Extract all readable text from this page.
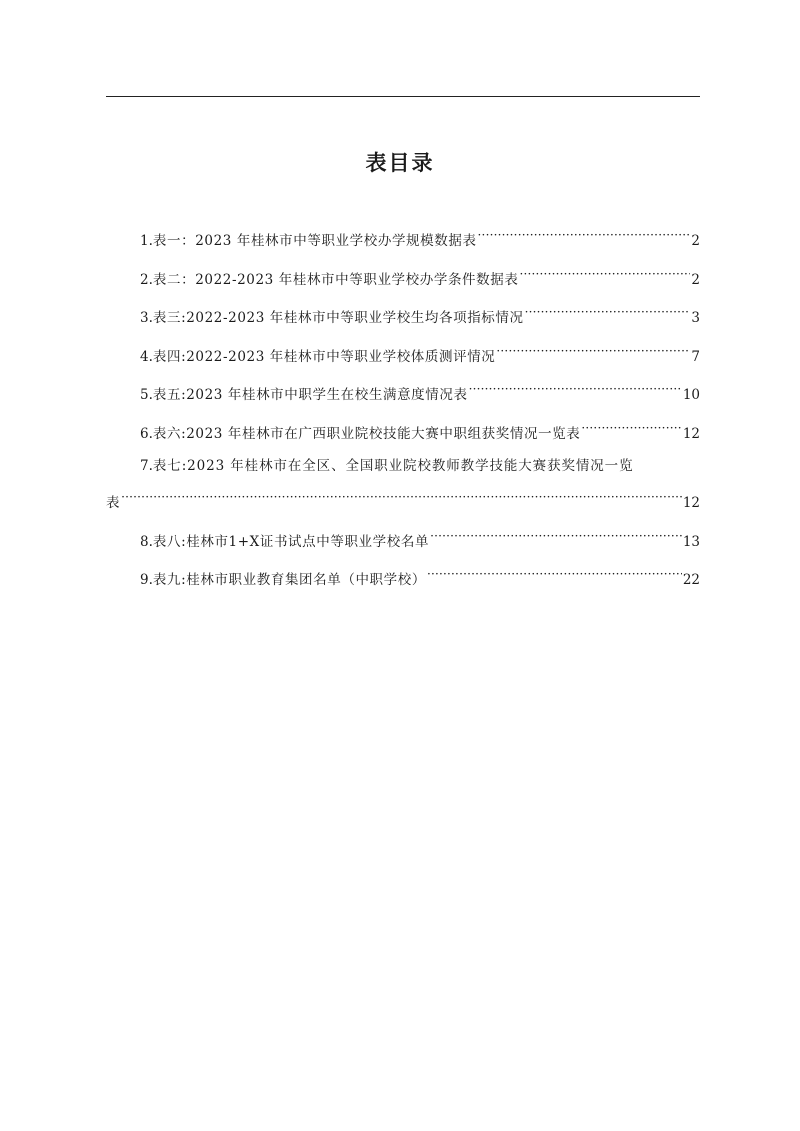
表目录
1. 表一：2023 年桂林市中等职业学校办学规模数据表 ·····	2
2. 表二：2022-2023 年桂林市中等职业学校办学条件数据表 ·····	2
3. 表三:2022-2023 年桂林市中等职业学校生均各项指标情况 ·····	3
4. 表四:2022-2023 年桂林市中等职业学校体质测评情况 ·····	7
5. 表五:2023 年桂林市中职学生在校生满意度情况表 ·····	10
6. 表六:2023 年桂林市在广西职业院校技能大赛中职组获奖情况一览表 ·····	12
7. 表七:2023 年桂林市在全区、全国职业院校教师教学技能大赛获奖情况一览
表 ·····	12
8. 表八:桂林市1+X证书试点中等职业学校名单 ·····	13
9. 表九:桂林市职业教育集团名单（中职学校） ·····	22
